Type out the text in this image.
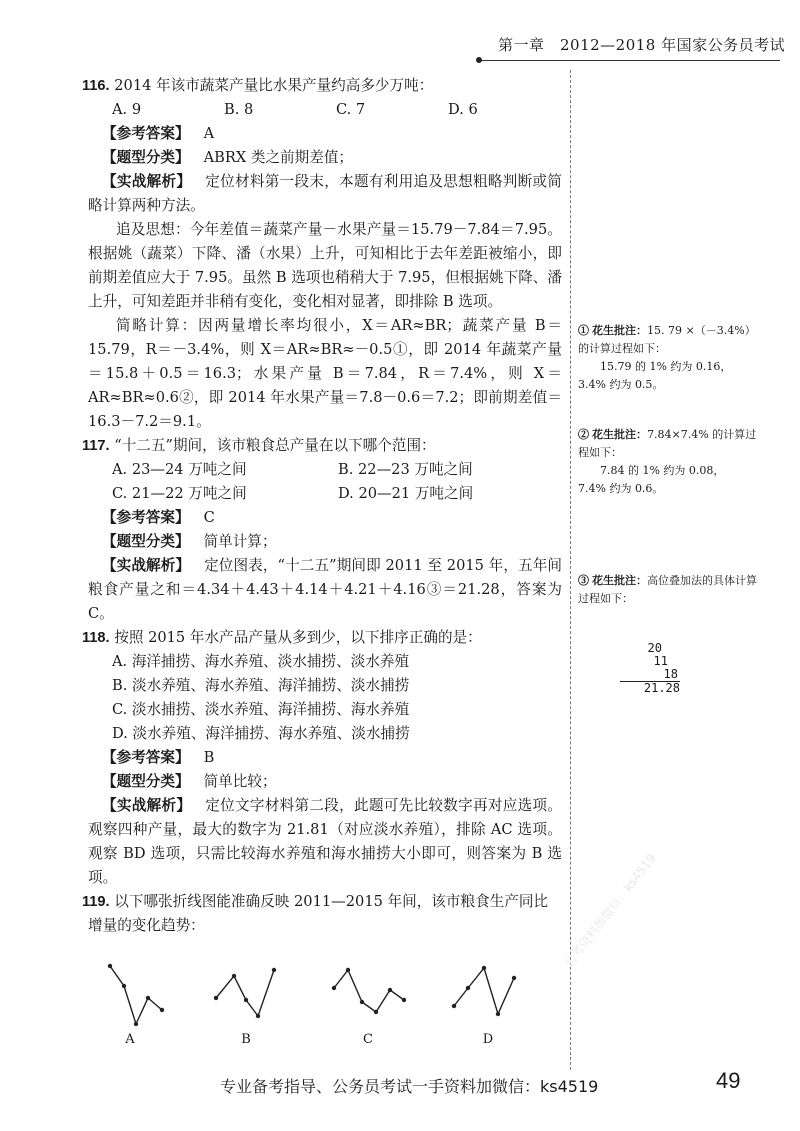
第一章　2012—2018 年国家公务员考试
116. 2014 年该市蔬菜产量比水果产量约高多少万吨：
A. 9	B. 8	C. 7	D. 6
【参考答案】 A
【题型分类】 ABRX 类之前期差值；

【实战解析】 定位材料第一段末，本题有利用追及思想粗略判断或简略计算两种方法。

追及思想：今年差值＝蔬菜产量－水果产量＝15.79－7.84＝7.95。根据姚（蔬菜）下降、潘（水果）上升，可知相比于去年差距被缩小，即前期差值应大于 7.95。虽然 B 选项也稍稍大于 7.95，但根据姚下降、潘上升，可知差距并非稍有变化，变化相对显著，即排除 B 选项。

简略计算：因两量增长率均很小，X＝AR≈BR；蔬菜产量 B＝15.79，R＝－3.4%，则 X＝AR≈BR≈－0.5①，即 2014 年蔬菜产量＝15.8＋0.5＝16.3；水果产量 B＝7.84，R＝7.4%，则 X＝AR≈BR≈0.6②，即 2014 年水果产量＝7.8－0.6＝7.2；即前期差值＝16.3－7.2＝9.1。

117. “十二五”期间，该市粮食总产量在以下哪个范围：
A. 23—24 万吨之间	B. 22—23 万吨之间
C. 21—22 万吨之间	D. 20—21 万吨之间
【参考答案】 C
【题型分类】 简单计算；

【实战解析】 定位图表，“十二五”期间即 2011 至 2015 年，五年间粮食产量之和＝4.34＋4.43＋4.14＋4.21＋4.16③＝21.28，答案为 C。

118. 按照 2015 年水产品产量从多到少，以下排序正确的是：
A. 海洋捕捞、海水养殖、淡水捕捞、淡水养殖
B. 淡水养殖、海水养殖、海洋捕捞、淡水捕捞
C. 淡水捕捞、淡水养殖、海洋捕捞、海水养殖
D. 淡水养殖、海洋捕捞、海水养殖、淡水捕捞
【参考答案】 B
【题型分类】 简单比较；

【实战解析】 定位文字材料第二段，此题可先比较数字再对应选项。观察四种产量，最大的数字为 21.81（对应淡水养殖），排除 AC 选项。观察 BD 选项，只需比较海水养殖和海水捕捞大小即可，则答案为 B 选项。

119. 以下哪张折线图能准确反映 2011—2015 年间，该市粮食生产同比增量的变化趋势：

A	B	C	D

① 花生批注：15. 79 ×（－3.4%）的计算过程如下：

15.79 的 1% 约为 0.16，

3.4% 约为 0.5。

② 花生批注：7.84×7.4% 的计算过程如下：

7.84 的 1% 约为 0.08，

7.4% 约为 0.6。

③ 花生批注：高位叠加法的具体计算过程如下：

20
11
18
21.28
公考资料加微信：ks4519
专业备考指导、公务员考试一手资料加微信：ks4519	49
